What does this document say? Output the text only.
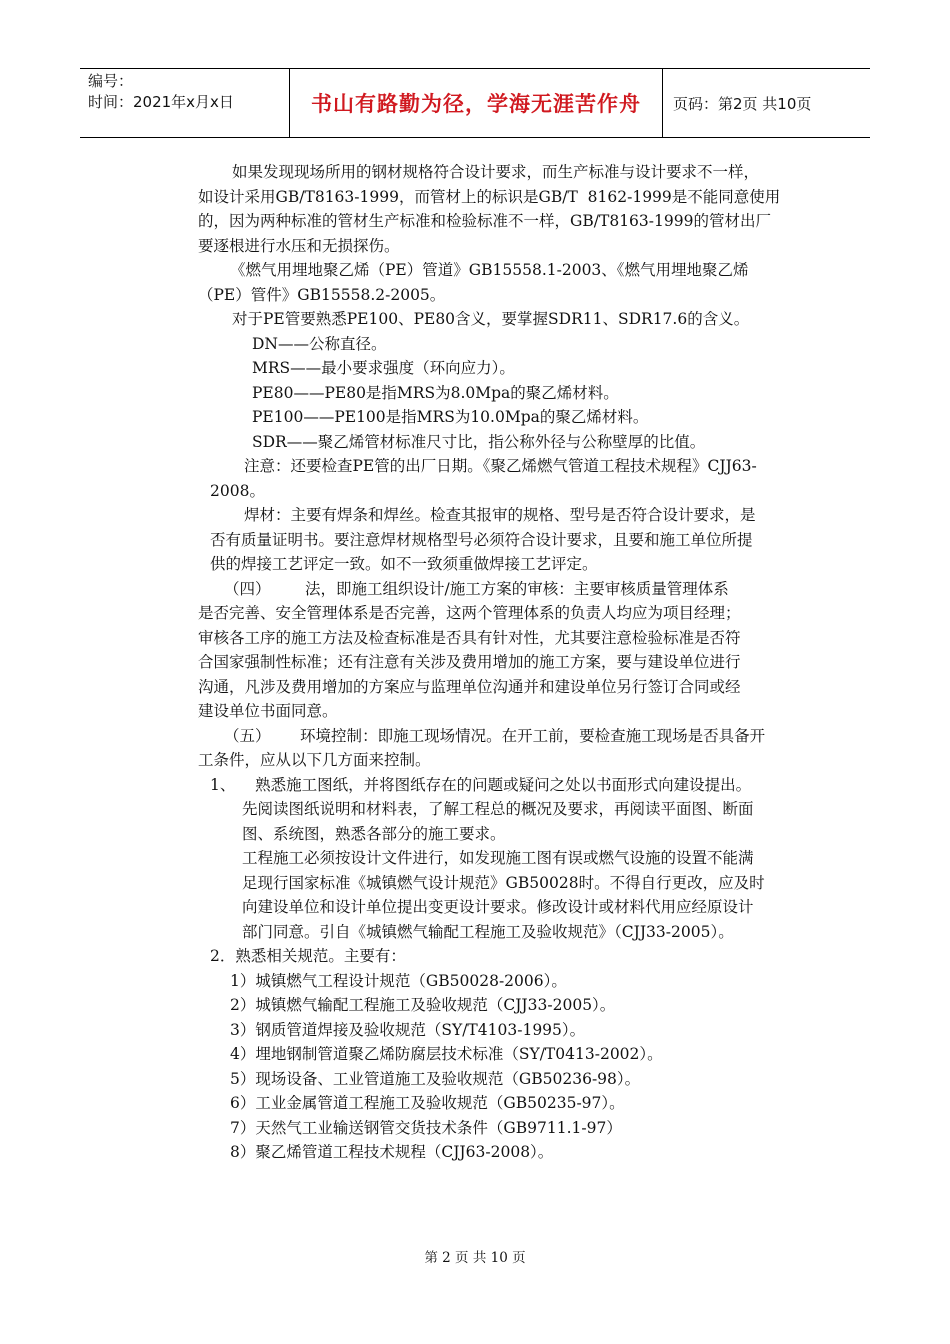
编号：
时间：2021年x月x日	书山有路勤为径，学海无涯苦作舟	页码：第2页 共10页
如果发现现场所用的钢材规格符合设计要求，而生产标准与设计要求不一样，
如设计采用GB/T8163-1999，而管材上的标识是GB/T  8162-1999是不能同意使用
的，因为两种标准的管材生产标准和检验标准不一样，GB/T8163-1999的管材出厂
要逐根进行水压和无损探伤。
《燃气用埋地聚乙烯（PE）管道》GB15558.1-2003、《燃气用埋地聚乙烯
（PE）管件》GB15558.2-2005。
对于PE管要熟悉PE100、PE80含义，要掌握SDR11、SDR17.6的含义。
DN——公称直径。
MRS——最小要求强度（环向应力）。
PE80——PE80是指MRS为8.0Mpa的聚乙烯材料。
PE100——PE100是指MRS为10.0Mpa的聚乙烯材料。
SDR——聚乙烯管材标准尺寸比，指公称外径与公称壁厚的比值。
注意：还要检查PE管的出厂日期。《聚乙烯燃气管道工程技术规程》CJJ63-
2008。
焊材：主要有焊条和焊丝。检查其报审的规格、型号是否符合设计要求，是
否有质量证明书。要注意焊材规格型号必须符合设计要求，且要和施工单位所提
供的焊接工艺评定一致。如不一致须重做焊接工艺评定。
（四）       法，即施工组织设计/施工方案的审核：主要审核质量管理体系
是否完善、安全管理体系是否完善，这两个管理体系的负责人均应为项目经理；
审核各工序的施工方法及检查标准是否具有针对性，尤其要注意检验标准是否符
合国家强制性标准；还有注意有关涉及费用增加的施工方案，要与建设单位进行
沟通，凡涉及费用增加的方案应与监理单位沟通并和建设单位另行签订合同或经
建设单位书面同意。
（五）      环境控制：即施工现场情况。在开工前，要检查施工现场是否具备开
工条件，应从以下几方面来控制。
1、    熟悉施工图纸，并将图纸存在的问题或疑问之处以书面形式向建设提出。
先阅读图纸说明和材料表，了解工程总的概况及要求，再阅读平面图、断面
图、系统图，熟悉各部分的施工要求。
工程施工必须按设计文件进行，如发现施工图有误或燃气设施的设置不能满
足现行国家标准《城镇燃气设计规范》GB50028时。不得自行更改，应及时
向建设单位和设计单位提出变更设计要求。修改设计或材料代用应经原设计
部门同意。引自《城镇燃气输配工程施工及验收规范》（CJJ33-2005）。
2．熟悉相关规范。主要有：
1）城镇燃气工程设计规范（GB50028-2006）。
2）城镇燃气输配工程施工及验收规范（CJJ33-2005）。
3）钢质管道焊接及验收规范（SY/T4103-1995）。
4）埋地钢制管道聚乙烯防腐层技术标准（SY/T0413-2002）。
5）现场设备、工业管道施工及验收规范（GB50236-98）。
6）工业金属管道工程施工及验收规范（GB50235-97）。
7）天然气工业输送钢管交货技术条件（GB9711.1-97）
8）聚乙烯管道工程技术规程（CJJ63-2008）。
第 2 页 共 10 页
